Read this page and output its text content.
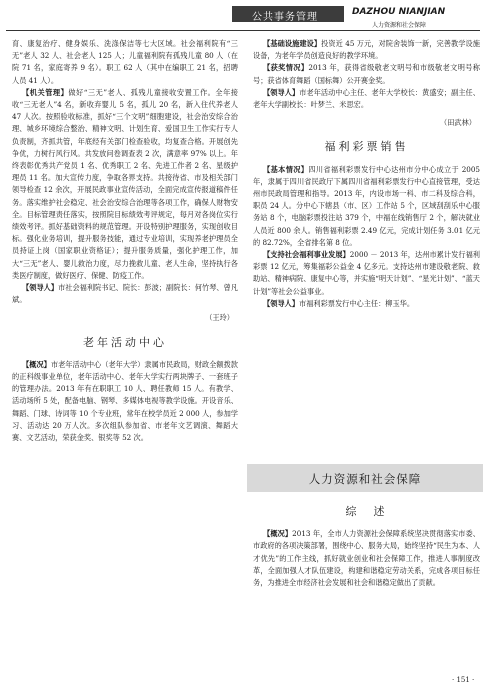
公共事务管理	DAZHOU NIANJIAN
人力资源和社会保障

育、康复治疗、健身娱乐、洗涤保洁等七大区域。社会福利院有“三无”老人 32 人、社会老人 125 人；儿童福利院有孤残儿童 80 人（在院 71 名，家庭寄养 9 名）。职工 62 人（其中在编职工 21 名，招聘人员 41 人）。

【机关管理】做好“三无”老人、孤残儿童接收安置工作。全年接收“三无老人”4 名，新收弃婴儿 5 名，孤儿 20 名，新入住代养老人 47 人次。按照验收标准，抓好“三个文明”细胞建设，社会治安综合治理、城乡环境综合整治、精神文明、计划生育、爱国卫生工作实行专人负责制，齐抓共管，年底经有关部门检查验收，均复查合格。开展创先争优，力树行风行风。共发放问卷调查表 2 次，满意率 97% 以上。年终表彰优秀共产党员 1 名、优秀职工 2 名、先进工作者 2 名、星级护理员 11 名。加大宣传力度，争取各界支持。共接待省、市及相关部门领导检查 12 余次，开展民政事业宣传活动，全面完成宣传报道稿件任务。落实维护社会稳定、社会治安综合治理等各项工作，确保人财物安全。目标管理责任落实，按照院目标绩效考评规定，每月对各岗位实行绩效考评。抓好基础资料的规范管理。开设特别护理服务，实现创收目标。强化业务培训，提升服务技能，通过专业培训，实现养老护理员全员持证上岗（国家职业资格证）；提升服务质量，强化护理工作，加大“三无”老人、婴儿救治力度，尽力挽救儿童、老人生命，坚持执行各类医疗制度，做好医疗、保健、防疫工作。

【领导人】市社会福利院书记、院长：彭波；副院长：何竹琴、曾凡斌。

（王玲）

老年活动中心

【概况】市老年活动中心（老年大学）隶属市民政局，财政全额拨款的正科级事业单位，老年活动中心、老年大学实行两块牌子、一套班子的管理办法。2013 年有在职职工 10 人、聘任教师 15 人。有教学、活动场所 5 处，配备电脑、钢琴、多媒体电视等教学设施。开设音乐、舞蹈、门球、诗词等 10 个专业班，常年在校学员近 2 000 人，参加学习、活动达 20 万人次。多次组队参加省、市老年文艺调演、舞蹈大赛、文艺活动，荣获金奖、银奖等 52 次。

【基础设施建设】投资近 45 万元，对院舍装饰一新，完善教学设施设备，为老年学员创造良好的教学环境。

【获奖情况】2013 年，获得省级敬老文明号和市级敬老文明号称号；获省体育舞蹈（国标舞）公开赛金奖。

【领导人】市老年活动中心主任、老年大学校长：黄盛安；副主任、老年大学副校长：叶梦兰、米思宏。

（田武林）

福利彩票销售

【基本情况】四川省福利彩票发行中心达州市分中心成立于 2005 年，隶属于四川省民政厅下属四川省福利彩票发行中心直接管理，受达州市民政局管理和指导。2013 年，内设市场一科、市二科及综合科，职员 24 人。分中心下辖县（市、区）工作站 5 个，区域刮刮乐中心服务站 8 个，电脑彩票投注站 379 个，中福在线销售厅 2 个，解决就业人员近 800 余人。销售福利彩票 2.49 亿元，完成计划任务 3.01 亿元的 82.72%，全省排名第 8 位。

【支持社会福利事业发展】2000 － 2013 年，达州市累计发行福利彩票 12 亿元，筹集福彩公益金 4 亿多元。支持达州市建设敬老院、救助站、精神病院、康复中心等，并实施“明天计划”、“星光计划”、“蓝天计划”等社会公益事业。

【领导人】市福利彩票发行中心主任：柳玉华。

人力资源和社会保障

综　述

【概况】2013 年，全市人力资源社会保障系统坚决贯彻落实市委、市政府的各项决策部署，围绕中心、服务大局，始终坚持“民生为本、人才优先”的工作主线，抓好就业创业和社会保障工作，推进人事制度改革，全面加强人才队伍建设，构建和谐稳定劳动关系，完成各项目标任务，为推进全市经济社会发展和社会和谐稳定做出了贡献。

· 151 ·
